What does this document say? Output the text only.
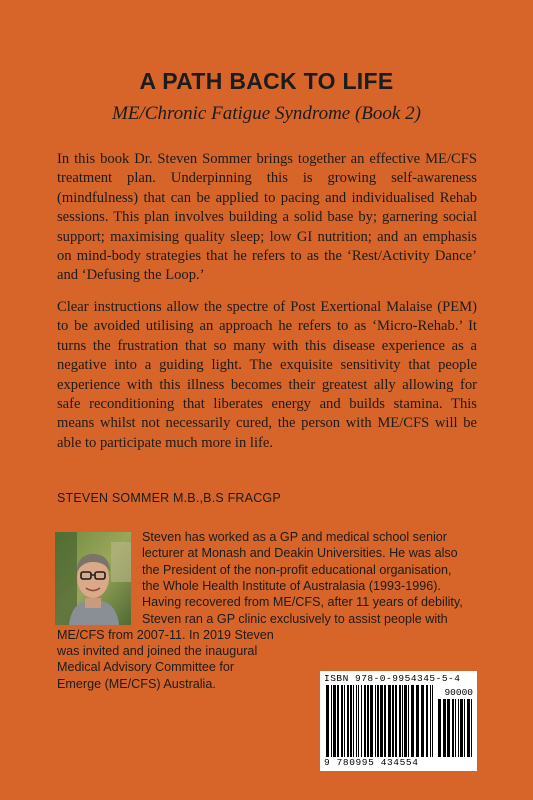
A PATH BACK TO LIFE
ME/Chronic Fatigue Syndrome (Book 2)

In this book Dr. Steven Sommer brings together an effective ME/CFS treatment plan. Underpinning this is growing self-awareness (mindfulness) that can be applied to pacing and individualised Rehab sessions. This plan involves building a solid base by; garnering social support; maximising quality sleep; low GI nutrition; and an emphasis on mind-body strategies that he refers to as the ‘Rest/Activity Dance’ and ‘Defusing the Loop.’

Clear instructions allow the spectre of Post Exertional Malaise (PEM) to be avoided utilising an approach he refers to as ‘Micro-Rehab.’ It turns the frustration that so many with this disease experience as a negative into a guiding light. The exquisite sensitivity that people experience with this illness becomes their greatest ally allowing for safe reconditioning that liberates energy and builds stamina. This means whilst not necessarily cured, the person with ME/CFS will be able to participate much more in life.

STEVEN SOMMER M.B.,B.S FRACGP
Steven has worked as a GP and medical school senior
lecturer at Monash and Deakin Universities. He was also
the President of the non-profit educational organisation,
the Whole Health Institute of Australasia (1993-1996).
Having recovered from ME/CFS, after 11 years of debility,
Steven ran a GP clinic exclusively to assist people with
ME/CFS from 2007-11. In 2019 Steven
was invited and joined the inaugural
Medical Advisory Committee for
Emerge (ME/CFS) Australia.	ISBN 978-0-9954345-5-4
90000
9 780995 434554
